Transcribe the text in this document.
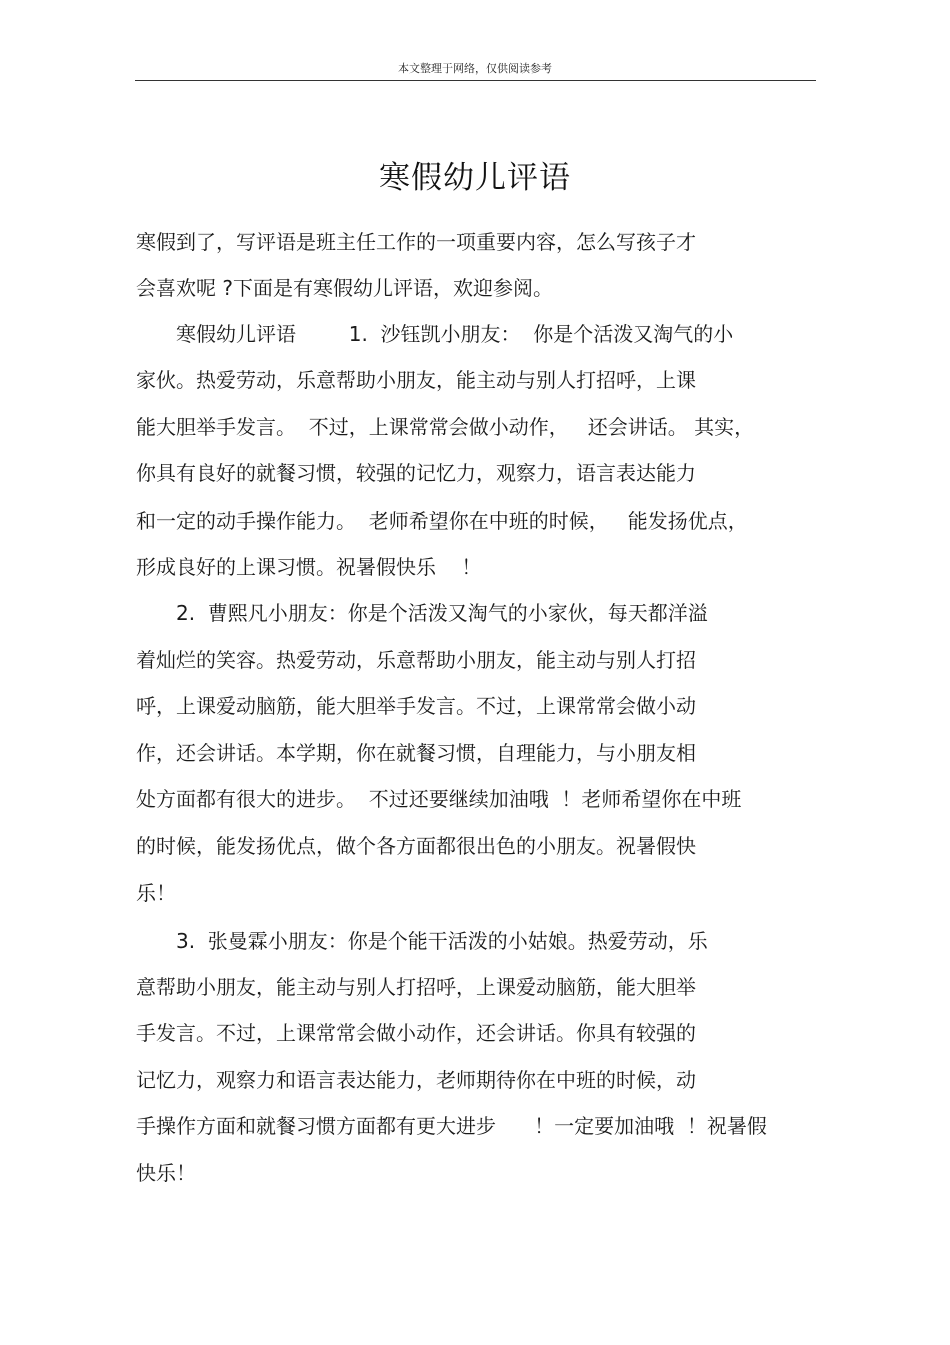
本文整理于网络，仅供阅读参考
寒假幼儿评语
寒假到了，写评语是班主任工作的一项重要内容，怎么写孩子才
会喜欢呢 ?下面是有寒假幼儿评语，欢迎参阅。
　　寒假幼儿评语　　  1.  沙钰凯小朋友：  你是个活泼又淘气的小
家伙。热爱劳动，乐意帮助小朋友，能主动与别人打招呼，上课
能大胆举手发言。  不过，上课常常会做小动作，   还会讲话。 其实，
你具有良好的就餐习惯，较强的记忆力，观察力，语言表达能力
和一定的动手操作能力。  老师希望你在中班的时候，   能发扬优点，
形成良好的上课习惯。祝暑假快乐    ！
　　2.  曹熙凡小朋友：你是个活泼又淘气的小家伙，每天都洋溢
着灿烂的笑容。热爱劳动，乐意帮助小朋友，能主动与别人打招
呼，上课爱动脑筋，能大胆举手发言。不过，上课常常会做小动
作，还会讲话。本学期，你在就餐习惯，自理能力，与小朋友相
处方面都有很大的进步。  不过还要继续加油哦  ！老师希望你在中班
的时候，能发扬优点，做个各方面都很出色的小朋友。祝暑假快
乐！
　　3.  张曼霖小朋友：你是个能干活泼的小姑娘。热爱劳动，乐
意帮助小朋友，能主动与别人打招呼，上课爱动脑筋，能大胆举
手发言。不过，上课常常会做小动作，还会讲话。你具有较强的
记忆力，观察力和语言表达能力，老师期待你在中班的时候，动
手操作方面和就餐习惯方面都有更大进步      ！一定要加油哦  ！祝暑假
快乐！
